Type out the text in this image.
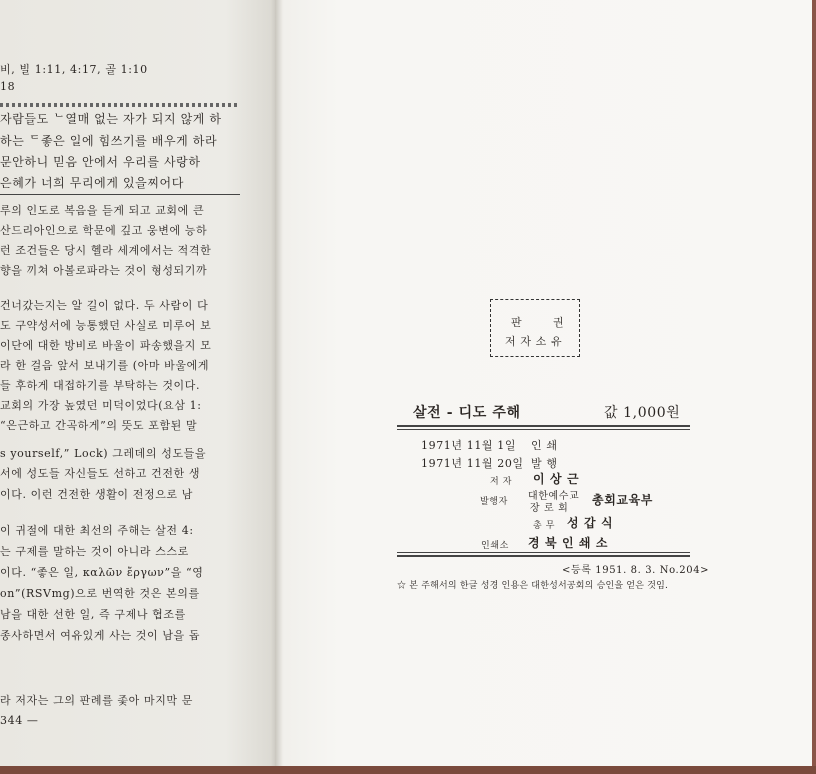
비, 빌 1:11, 4:17, 골 1:10
18
자람들도 ᄂ열매 없는 자가 되지 않게 하
하는 ᄃ좋은 일에 힘쓰기를 배우게 하라
문안하니 믿음 안에서 우리를 사랑하
은혜가 너희 무리에게 있을찌어다
루의 인도로 복음을 듣게 되고 교회에 큰
산드리아인으로 학문에 깊고 웅변에 능하
런 조건들은 당시 헬라 세계에서는 적격한
향을 끼쳐 아볼로파라는 것이 형성되기까
건너갔는지는 알 길이 없다. 두 사람이 다
도 구약성서에 능통했던 사실로 미루어 보
이단에 대한 방비로 바울이 파송했을지 모
라 한 걸음 앞서 보내기를 (아마 바울에게
들 후하게 대접하기를 부탁하는 것이다.
교회의 가장 높였던 미덕이었다(요삼 1:
“은근하고 간곡하게”의 뜻도 포함된 말
s yourself,” Lock) 그레데의 성도들을
서에 성도들 자신들도 선하고 건전한 생
이다. 이런 건전한 생활이 전정으로 남
이 귀절에 대한 최선의 주해는 살전 4:
는 구제를 말하는 것이 아니라 스스로
이다. “좋은 일, καλῶν ἔργων”을 “영
on”(RSVmg)으로 번역한 것은 본의를
남을 대한 선한 일, 즉 구제나 협조를
종사하면서 여유있게 사는 것이 남을 돕
라 저자는 그의 판례를 좇아 마지막 문
344 —
판	권
저 자 소 유
살전 - 디도 주해	값 1,000원
1971년 11월 1일 인 쇄
1971년 11월 20일 발 행
저 자 이 상 근
발행자 대한예수교
장 로 회
총회교육부
총 무 성 갑 식
인쇄소 경 북 인 쇄 소
<등록 1951. 8. 3. No.204>
☆ 본 주해서의 한글 성경 인용은 대한성서공회의 승인을 얻은 것임.
